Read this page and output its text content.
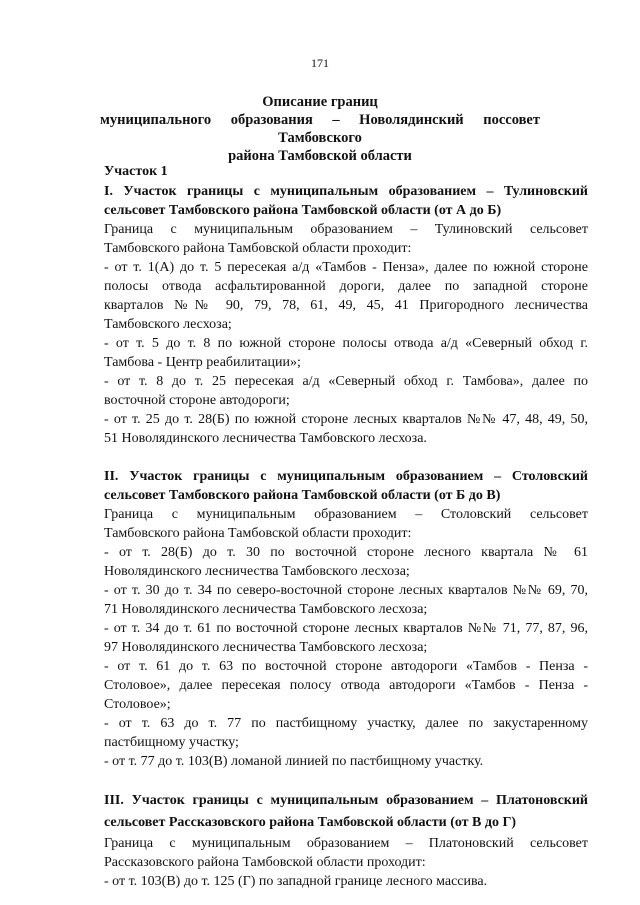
171
Описание границ
муниципального образования – Новолядинский поссовет Тамбовского
района Тамбовской области
Участок 1
I. Участок границы с муниципальным образованием – Тулиновский
сельсовет Тамбовского района Тамбовской области (от А до Б)
Граница с муниципальным образованием – Тулиновский сельсовет
Тамбовского района Тамбовской области проходит:
- от т. 1(А) до т. 5 пересекая а/д «Тамбов - Пенза», далее по южной стороне
полосы отвода асфальтированной дороги, далее по западной стороне
кварталов №№ 90, 79, 78, 61, 49, 45, 41 Пригородного лесничества
Тамбовского лесхоза;
- от т. 5 до т. 8 по южной стороне полосы отвода а/д «Северный обход г.
Тамбова - Центр реабилитации»;
- от т. 8 до т. 25 пересекая а/д «Северный обход г. Тамбова», далее по
восточной стороне автодороги;
- от т. 25 до т. 28(Б) по южной стороне лесных кварталов №№ 47, 48, 49, 50,
51 Новолядинского лесничества Тамбовского лесхоза.
II. Участок границы с муниципальным образованием – Столовский
сельсовет Тамбовского района Тамбовской области (от Б до В)
Граница с муниципальным образованием – Столовский сельсовет
Тамбовского района Тамбовской области проходит:
- от т. 28(Б) до т. 30 по восточной стороне лесного квартала № 61
Новолядинского лесничества Тамбовского лесхоза;
- от т. 30 до т. 34 по северо-восточной стороне лесных кварталов №№ 69, 70,
71 Новолядинского лесничества Тамбовского лесхоза;
- от т. 34 до т. 61 по восточной стороне лесных кварталов №№ 71, 77, 87, 96,
97 Новолядинского лесничества Тамбовского лесхоза;
- от т. 61 до т. 63 по восточной стороне автодороги «Тамбов - Пенза -
Столовое», далее пересекая полосу отвода автодороги «Тамбов - Пенза -
Столовое»;
- от т. 63 до т. 77 по пастбищному участку, далее по закустаренному
пастбищному участку;
- от т. 77 до т. 103(В) ломаной линией по пастбищному участку.
III. Участок границы с муниципальным образованием – Платоновский
сельсовет Рассказовского района Тамбовской области (от В до Г)
Граница с муниципальным образованием – Платоновский сельсовет
Рассказовского района Тамбовской области проходит:
- от т. 103(В) до т. 125 (Г) по западной границе лесного массива.
